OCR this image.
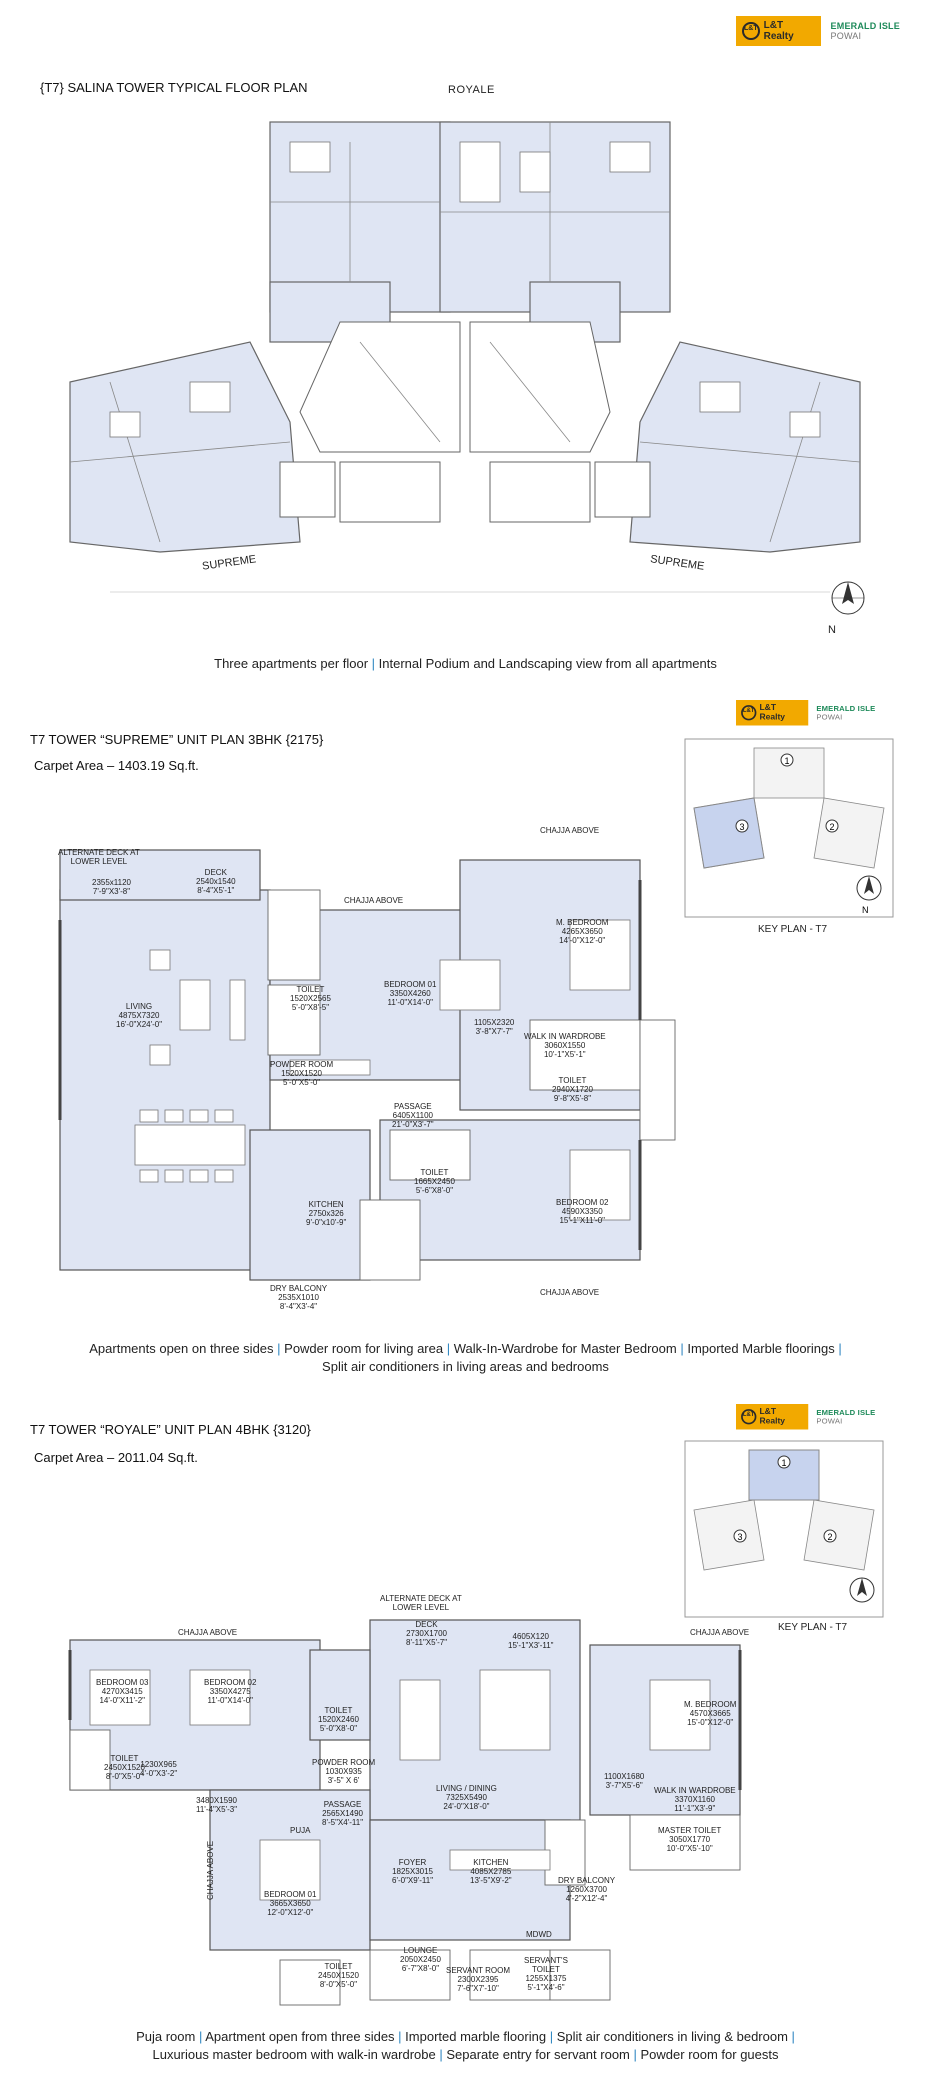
L&T L&T Realty
EMERALD ISLE POWAI
L&T L&T Realty
EMERALD ISLE POWAI
L&T L&T Realty
EMERALD ISLE POWAI
{T7} SALINA TOWER TYPICAL FLOOR PLAN	ROYALE
SUPREME	SUPREME
N
Three apartments per floor | Internal Podium and Landscaping view from all apartments
T7 TOWER “SUPREME” UNIT PLAN 3BHK {2175}
Carpet Area – 1403.19 Sq.ft.	1
3	2
N
KEY PLAN - T7
ALTERNATE DECK AT
LOWER LEVEL
2355x1120
7'-9"X3'-8"
DECK
2540x1540
8'-4"X5'-1"
CHAJJA ABOVE
CHAJJA ABOVE
CHAJJA ABOVE
LIVING
4875X7320
16'-0"X24'-0"
TOILET
1520X2565
5'-0"X8'-5"
POWDER ROOM
1520X1520
5'-0"X5'-0"
BEDROOM 01
3350X4260
11'-0"X14'-0"
M. BEDROOM
4265X3650
14'-0"X12'-0"
1105X2320
3'-8"X7'-7"
WALK IN WARDROBE
3060X1550
10'-1"X5'-1"
TOILET
2940X1720
9'-8"X5'-8"
PASSAGE
6405X1100
21'-0"X3'-7"
TOILET
1665X2450
5'-6"X8'-0"
KITCHEN
2750x326
9'-0"x10'-9"
DRY BALCONY
2535X1010
8'-4"X3'-4"
BEDROOM 02
4590X3350
15'-1"X11'-0"
Apartments open on three sides | Powder room for living area | Walk-In-Wardrobe for Master Bedroom | Imported Marble floorings |
Split air conditioners in living areas and bedrooms
T7 TOWER “ROYALE” UNIT PLAN 4BHK {3120}
Carpet Area – 2011.04 Sq.ft.	1
3	2
KEY PLAN - T7
ALTERNATE DECK AT
LOWER LEVEL
DECK
2730X1700
8'-11"X5'-7"
4605X120
15'-1"X3'-11"
CHAJJA ABOVE	CHAJJA ABOVE
CHAJJA ABOVE
BEDROOM 03
4270X3415
14'-0"X11'-2"
BEDROOM 02
3350X4275
11'-0"X14'-0"
TOILET
2450X1520
8'-0"X5'-0"
1230X965
4'-0"X3'-2"
3480X1590
11'-4"X5'-3"
TOILET
1520X2460
5'-0"X8'-0"
POWDER ROOM
1030X935
3'-5" X 6'
PASSAGE
2565X1490
8'-5"X4'-11"
PUJA
LIVING / DINING
7325X5490
24'-0"X18'-0"
FOYER
1825X3015
6'-0"X9'-11"
KITCHEN
4085X2785
13'-5"X9'-2"	DRY BALCONY
1260X3700
4'-2"X12'-4"
BEDROOM 01
3665X3650
12'-0"X12'-0"
TOILET
2450X1520
8'-0"X5'-0"
LOUNGE
2050X2450
6'-7"X8'-0" SERVANT ROOM
2300X2395
7'-6"X7'-10"
MDWD
SERVANT'S
TOILET
1255X1375
5'-1"X4'-6"
M. BEDROOM
4570X3665
15'-0"X12'-0"
1100X1680
3'-7"X5'-6"
WALK IN WARDROBE
3370X1160
11'-1"X3'-9"
MASTER TOILET
3050X1770
10'-0"X5'-10"
Puja room | Apartment open from three sides | Imported marble flooring | Split air conditioners in living & bedroom |
Luxurious master bedroom with walk-in wardrobe | Separate entry for servant room | Powder room for guests
